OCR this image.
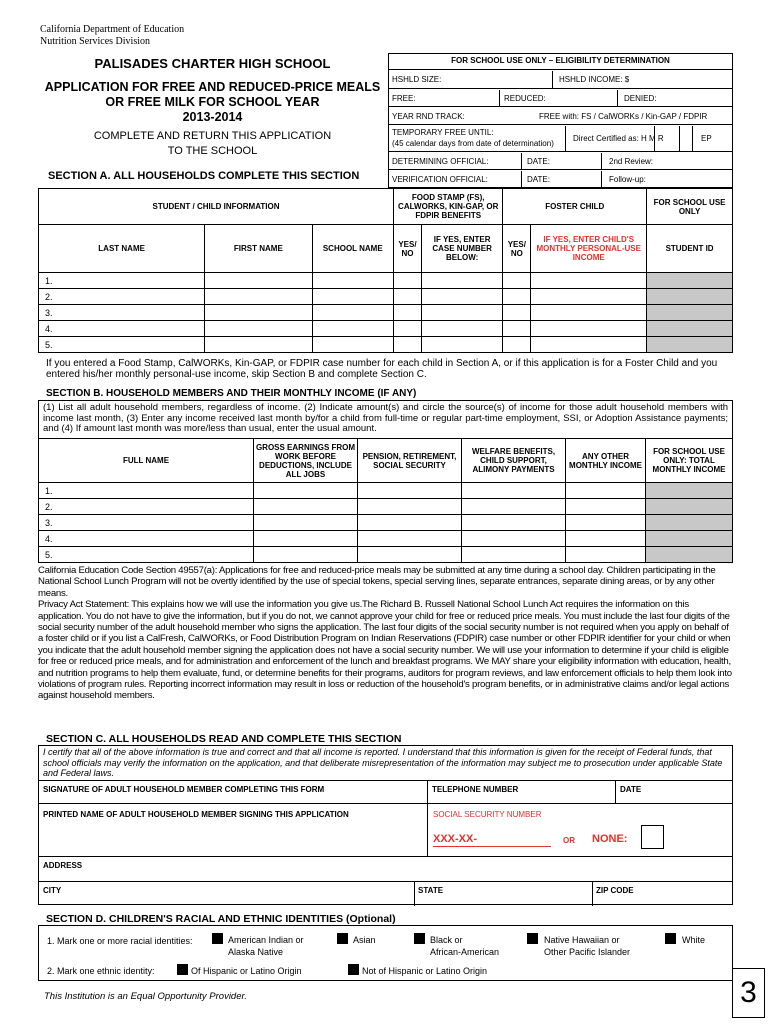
California Department of Education
Nutrition Services Division
PALISADES CHARTER HIGH SCHOOL
APPLICATION FOR FREE AND REDUCED-PRICE MEALS
OR FREE MILK FOR SCHOOL YEAR
2013-2014
COMPLETE AND RETURN THIS APPLICATION
TO THE SCHOOL
FOR SCHOOL USE ONLY – ELIGIBILITY DETERMINATION
HSHLD SIZE:	HSHLD INCOME: $
FREE:	REDUCED:	DENIED:
YEAR RND TRACK:	FREE with: FS / CalWORKs / Kin-GAP / FDPIR
TEMPORARY FREE UNTIL:
(45 calendar days from date of determination)
Direct Certified as: H M R	EP
DETERMINING OFFICIAL:	DATE:	2nd Review:
VERIFICATION OFFICIAL:	DATE:	Follow-up:
SECTION A. ALL HOUSEHOLDS COMPLETE THIS SECTION
STUDENT / CHILD INFORMATION			FOOD STAMP (FS), CALWORKS, KIN-GAP, OR FDPIR BENEFITS		FOSTER CHILD		FOR SCHOOL USE ONLY
LAST NAME	FIRST NAME	SCHOOL NAME	YES/ NO	IF YES, ENTER CASE NUMBER BELOW:	YES/ NO	IF YES, ENTER CHILD'S MONTHLY PERSONAL-USE INCOME	STUDENT ID
1.							
2.							
3.							
4.							
5.							
If you entered a Food Stamp, CalWORKs, Kin-GAP, or FDPIR case number for each child in Section A, or if this application is for a Foster Child and you entered his/her monthly personal-use income, skip Section B and complete Section C.
SECTION B. HOUSEHOLD MEMBERS AND THEIR MONTHLY INCOME (IF ANY)
(1) List all adult household members, regardless of income. (2) Indicate amount(s) and circle the source(s) of income for those adult household members with income last month, (3) Enter any income received last month by/for a child from full-time or regular part-time employment, SSI, or Adoption Assistance payments; and (4) If amount last month was more/less than usual, enter the usual amount.
FULL NAME	GROSS EARNINGS FROM WORK BEFORE DEDUCTIONS, INCLUDE ALL JOBS	PENSION, RETIREMENT, SOCIAL SECURITY	WELFARE BENEFITS, CHILD SUPPORT, ALIMONY PAYMENTS	ANY OTHER MONTHLY INCOME	FOR SCHOOL USE ONLY: TOTAL MONTHLY INCOME
1.					
2.					
3.					
4.					
5.					
California Education Code Section 49557(a): Applications for free and reduced-price meals may be submitted at any time during a school day. Children participating in the National School Lunch Program will not be overtly identified by the use of special tokens, special serving lines, separate entrances, separate dining areas, or by any other means.
Privacy Act Statement: This explains how we will use the information you give us.The Richard B. Russell National School Lunch Act requires the information on this application. You do not have to give the information, but if you do not, we cannot approve your child for free or reduced price meals. You must include the last four digits of the social security number of the adult household member who signs the application. The last four digits of the social security number is not required when you apply on behalf of a foster child or if you list a CalFresh, CalWORKs, or Food Distribution Program on Indian Reservations (FDPIR) case number or other FDPIR identifier for your child or when you indicate that the adult household member signing the application does not have a social security number. We will use your information to determine if your child is eligible for free or reduced price meals, and for administration and enforcement of the lunch and breakfast programs. We MAY share your eligibility information with education, health, and nutrition programs to help them evaluate, fund, or determine benefits for their programs, auditors for program reviews, and law enforcement officials to help them look into violations of program rules. Reporting incorrect information may result in loss or reduction of the household's program benefits, or in administrative claims and/or legal actions against household members.
SECTION C. ALL HOUSEHOLDS READ AND COMPLETE THIS SECTION
I certify that all of the above information is true and correct and that all income is reported. I understand that this information is given for the receipt of Federal funds, that school officials may verify the information on the application, and that deliberate misrepresentation of the information may subject me to prosecution under applicable State and Federal laws.
SIGNATURE OF ADULT HOUSEHOLD MEMBER COMPLETING THIS FORM	TELEPHONE NUMBER	DATE
PRINTED NAME OF ADULT HOUSEHOLD MEMBER SIGNING THIS APPLICATION	SOCIAL SECURITY NUMBER
XXX-XX-	OR NONE:
ADDRESS
CITY	STATE	ZIP CODE
SECTION D. CHILDREN'S RACIAL AND ETHNIC IDENTITIES (Optional)
1. Mark one or more racial identities:	American Indian or
Alaska Native
Asian	Black or
African-American
Native Hawaiian or
Other Pacific Islander
White
2. Mark one ethnic identity:	Of Hispanic or Latino Origin	Not of Hispanic or Latino Origin
This Institution is an Equal Opportunity Provider.	3
